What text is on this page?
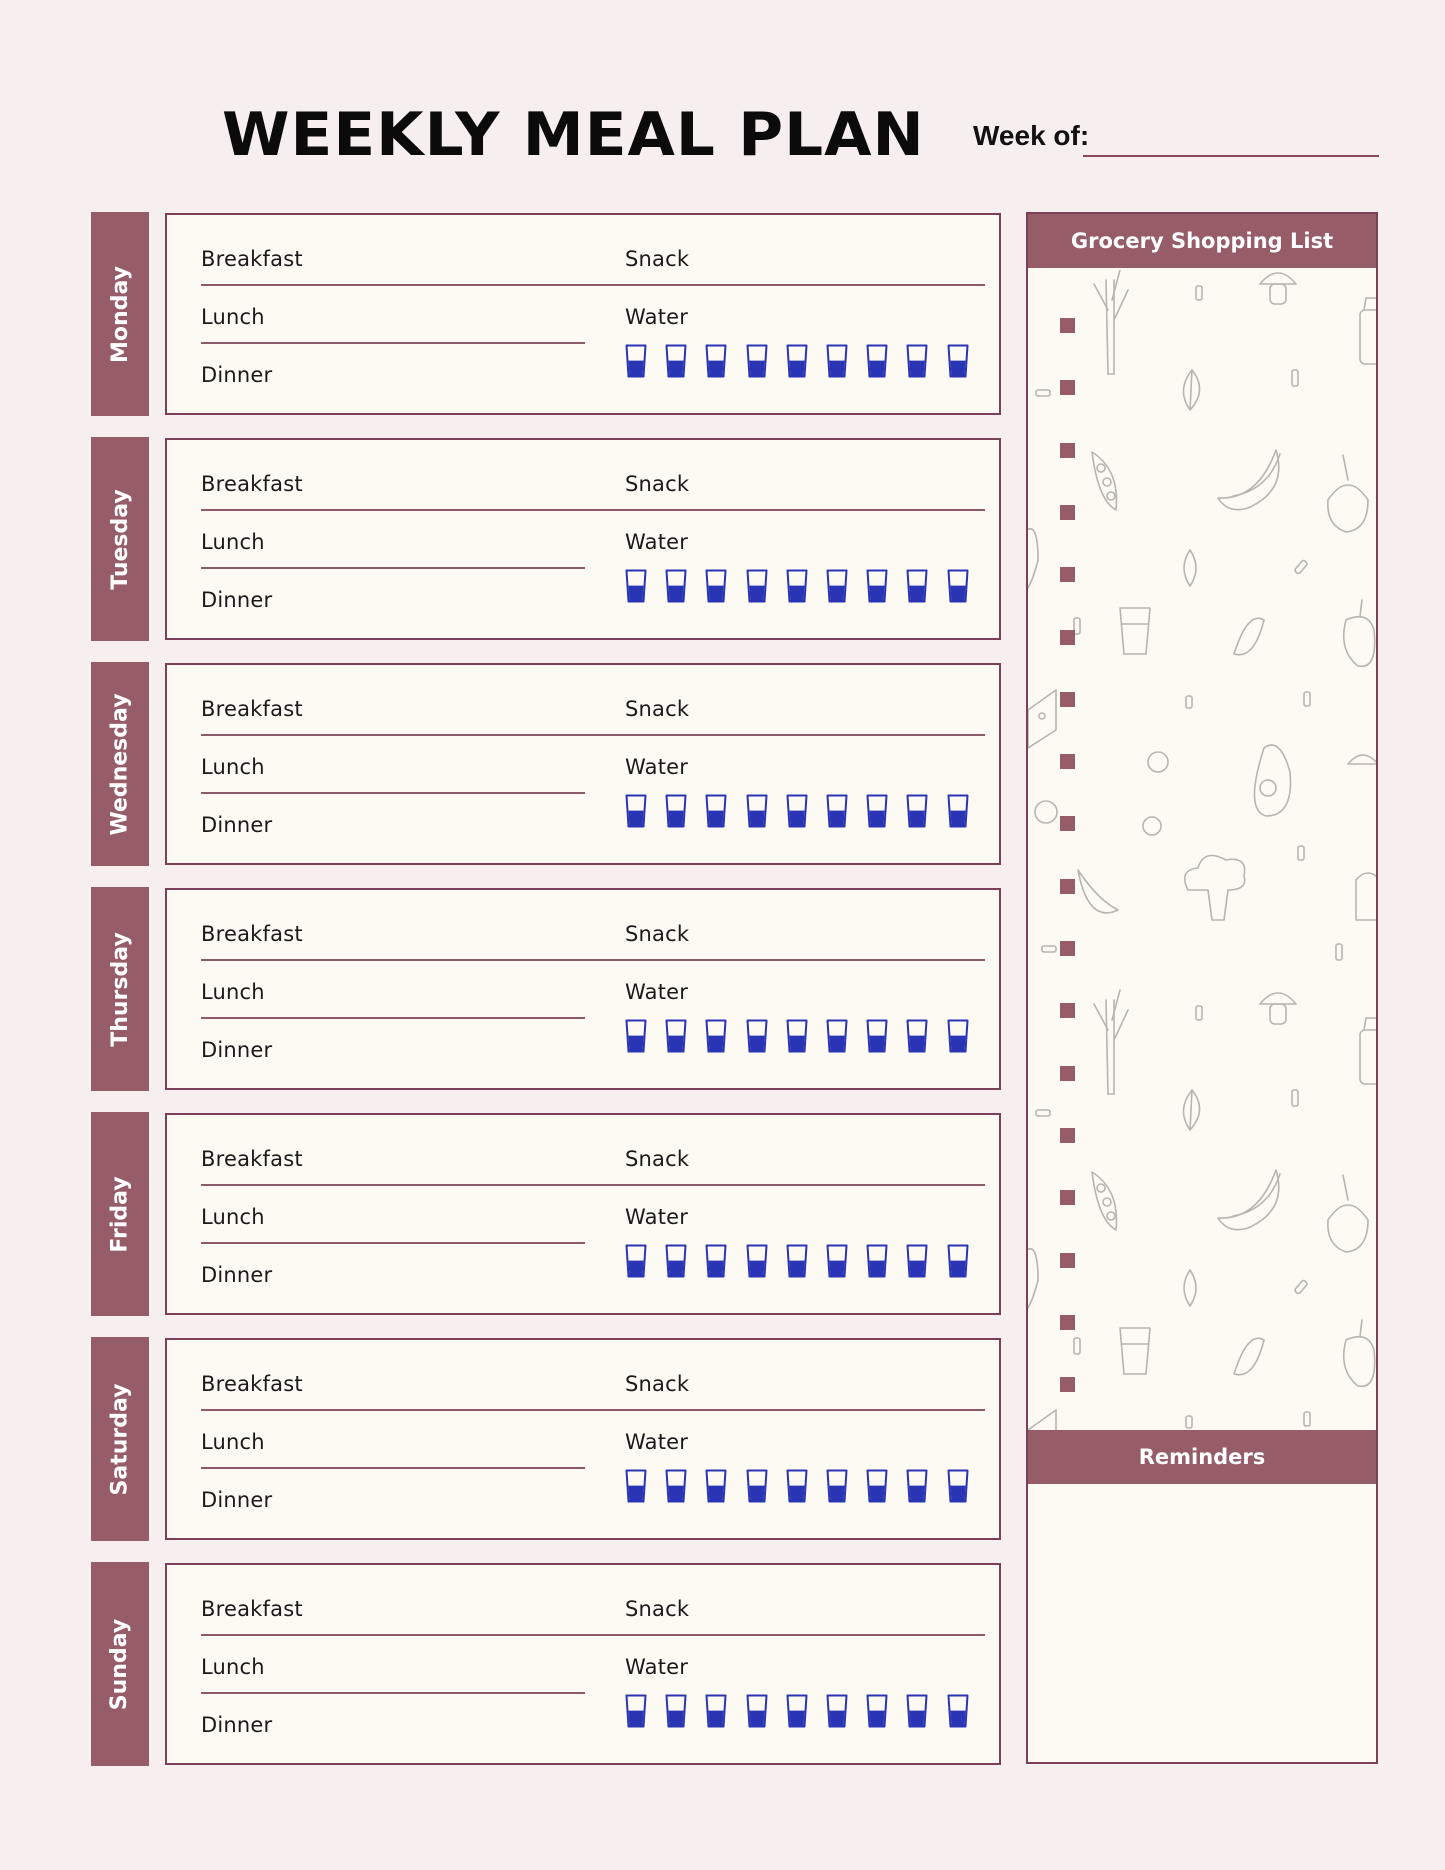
WEEKLY MEAL PLAN Week of:
Monday
Breakfast
Lunch
Dinner
Snack
Water
Tuesday
Breakfast
Lunch
Dinner
Snack
Water
Wednesday	Breakfast
Lunch
Dinner
Snack
Water
Thursday	Breakfast
Lunch
Dinner
Snack
Water
Friday
Breakfast
Lunch
Dinner
Snack
Water
Saturday	Breakfast
Lunch
Dinner
Snack
Water
Sunday
Breakfast
Lunch
Dinner
Snack
Water
Grocery Shopping List
Reminders
